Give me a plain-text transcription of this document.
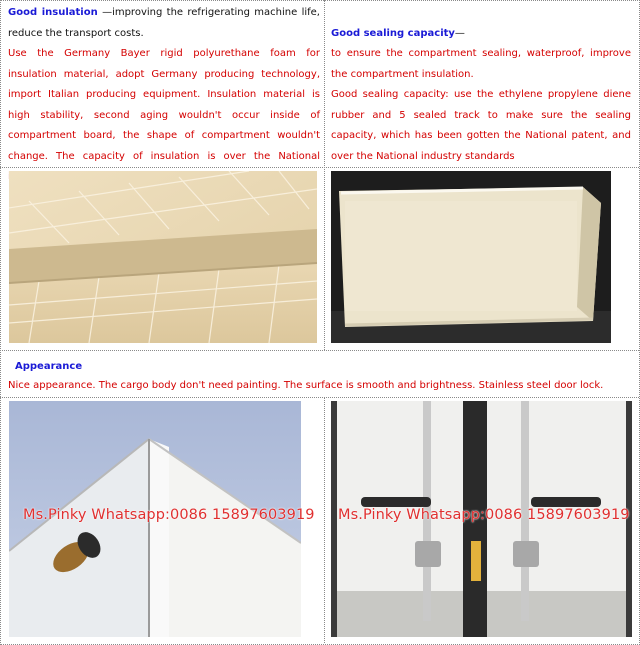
Good insulation —improving the refrigerating machine life, reduce the transport costs.
Use the Germany Bayer rigid polyurethane foam for insulation material, adopt Germany producing technology, import Italian producing equipment. Insulation material is high stability, second aging wouldn't occur inside of compartment board, the shape of compartment wouldn't change. The capacity of insulation is over the National

Good sealing capacity—
to ensure the compartment sealing, waterproof, improve the compartment insulation.
Good sealing capacity: use the ethylene propylene diene rubber and 5 sealed track to make sure the sealing capacity, which has been gotten the National patent, and over the National industry standards

Appearance
Nice appearance. The cargo body don't need painting. The surface is smooth and brightness. Stainless steel door lock.
Ms.Pinky Whatsapp:0086 15897603919 Ms.Pinky Whatsapp:0086 15897603919
